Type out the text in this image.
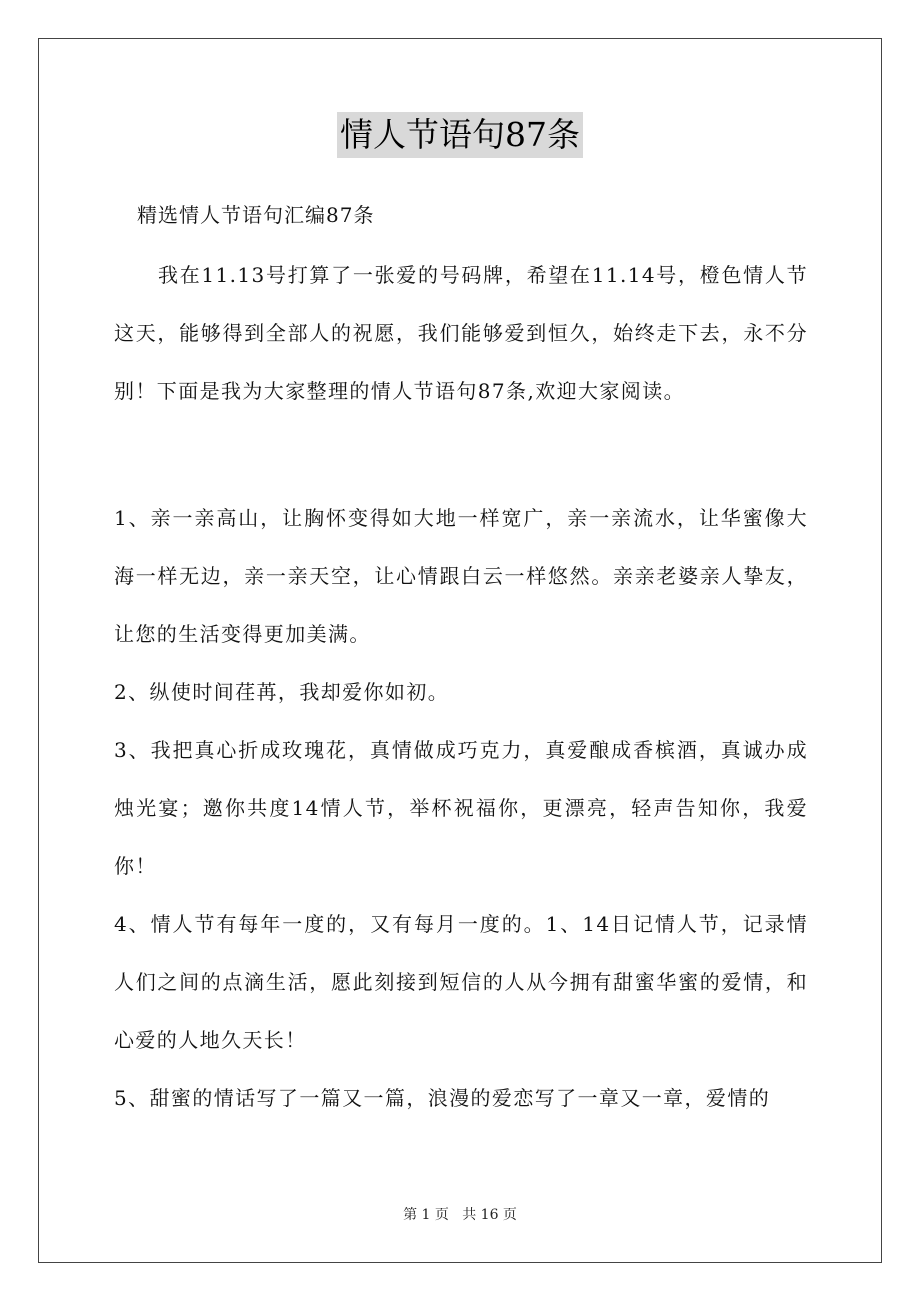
情人节语句87条
精选情人节语句汇编87条

我在11.13号打算了一张爱的号码牌，希望在11.14号，橙色情人节这天，能够得到全部人的祝愿，我们能够爱到恒久，始终走下去，永不分别！下面是我为大家整理的情人节语句87条,欢迎大家阅读。

1、亲一亲高山，让胸怀变得如大地一样宽广，亲一亲流水，让华蜜像大海一样无边，亲一亲天空，让心情跟白云一样悠然。亲亲老婆亲人挚友，让您的生活变得更加美满。

2、纵使时间荏苒，我却爱你如初。

3、我把真心折成玫瑰花，真情做成巧克力，真爱酿成香槟酒，真诚办成烛光宴；邀你共度14情人节，举杯祝福你，更漂亮，轻声告知你，我爱你！

4、情人节有每年一度的，又有每月一度的。1、14日记情人节，记录情人们之间的点滴生活，愿此刻接到短信的人从今拥有甜蜜华蜜的爱情，和心爱的人地久天长！

5、甜蜜的情话写了一篇又一篇，浪漫的爱恋写了一章又一章，爱情的

第 1 页   共 16 页
